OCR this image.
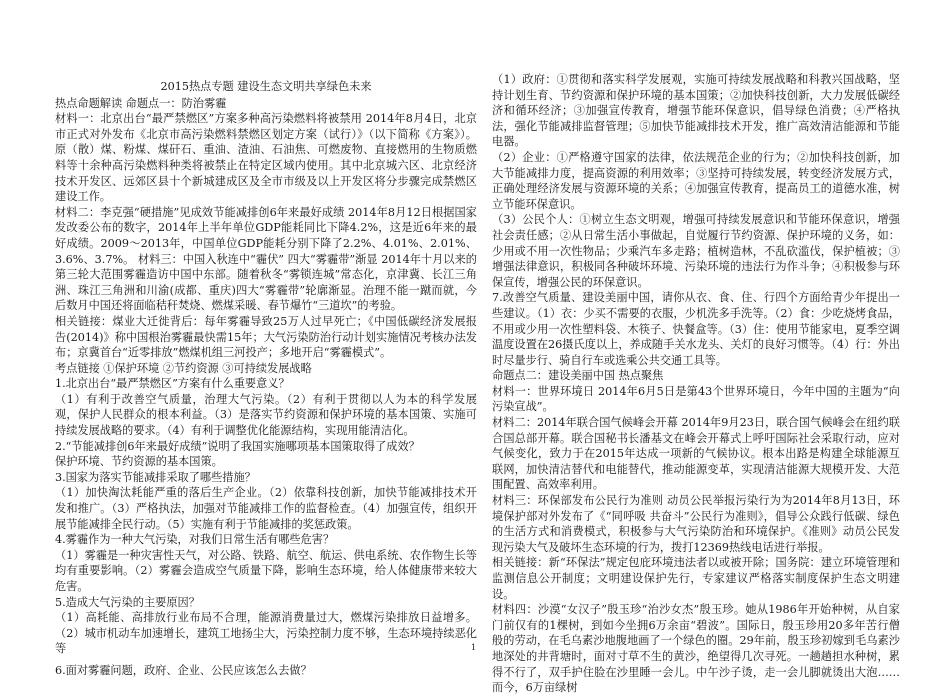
2015热点专题 建设生态文明共享绿色未来

热点命题解读 命题点一：防治雾霾

材料一：北京出台“最严禁燃区”方案多种高污染燃料将被禁用 2014年8月4日，北京市正式对外发布《北京市高污染燃料禁燃区划定方案（试行）》（以下简称《方案》）。原（散）煤、粉煤、煤矸石、重油、渣油、石油焦、可燃废物、直接燃用的生物质燃料等十余种高污染燃料种类将被禁止在特定区域内使用。其中北京城六区、北京经济技术开发区、远郊区县十个新城建成区及全市市级及以上开发区将分步骤完成禁燃区建设工作。

材料二：李克强“硬措施”见成效节能减排创6年来最好成绩 2014年8月12日根据国家发改委公布的数字，2014年上半年单位GDP能耗同比下降4.2%，这是近6年来的最好成绩。2009～2013年，中国单位GDP能耗分别下降了2.2%、4.01%、2.01%、3.6%、3.7%。 材料三：中国入秋连中“霾伏” 四大“雾霾带”渐显 2014年十月以来的第三轮大范围雾霾造访中国中东部。随着秋冬“雾锁连城”常态化，京津冀、长江三角洲、珠江三角洲和川渝(成都、重庆)四大“雾霾带”轮廓渐显。治理不能一蹴而就，今后数月中国还将面临秸秆焚烧、燃煤采暖、春节爆竹“三道坎”的考验。

相关链接：煤业大迁徙背后：每年雾霾导致25万人过早死亡；《中国低碳经济发展报告(2014)》称中国根治雾霾最快需15年；大气污染防治行动计划实施情况考核办法发布；京冀首台“近零排放”燃煤机组三河投产；多地开启“雾霾模式”。

考点链接 ①保护环境 ②节约资源 ③可持续发展战略

1.北京出台“最严禁燃区”方案有什么重要意义？

（1）有利于改善空气质量，治理大气污染。（2）有利于贯彻以人为本的科学发展观，保护人民群众的根本利益。（3）是落实节约资源和保护环境的基本国策、实施可持续发展战略的要求。（4）有利于调整优化能源结构，实现用能清洁化。

2.“节能减排创6年来最好成绩”说明了我国实施哪项基本国策取得了成效？

保护环境、节约资源的基本国策。

3.国家为落实节能减排采取了哪些措施？

（1）加快淘汰耗能严重的落后生产企业。（2）依靠科技创新，加快节能减排技术开发和推广。（3）严格执法，加强对节能减排工作的监督检查。（4）加强宣传，组织开展节能减排全民行动。（5）实施有利于节能减排的奖惩政策。

4.雾霾作为一种大气污染，对我们日常生活有哪些危害？

（1）雾霾是一种灾害性天气，对公路、铁路、航空、航运、供电系统、农作物生长等均有重要影响。（2）雾霾会造成空气质量下降，影响生态环境，给人体健康带来较大危害。

5.造成大气污染的主要原因？

（1）高耗能、高排放行业布局不合理，能源消费量过大，燃煤污染排放日益增多。（2）城市机动车加速增长，建筑工地扬尘大，污染控制力度不够，生态环境持续恶化等

6.面对雾霾问题，政府、企业、公民应该怎么去做？

（1）政府：①贯彻和落实科学发展观，实施可持续发展战略和科教兴国战略，坚持计划生育、节约资源和保护环境的基本国策；②加快科技创新，大力发展低碳经济和循环经济；③加强宣传教育，增强节能环保意识，倡导绿色消费；④严格执法，强化节能减排监督管理；⑤加快节能减排技术开发，推广高效清洁能源和节能电器。

（2）企业：①严格遵守国家的法律，依法规范企业的行为；②加快科技创新，加大节能减排力度，提高资源的利用效率；③坚持可持续发展，转变经济发展方式，正确处理经济发展与资源环境的关系；④加强宣传教育，提高员工的道德水准，树立节能环保意识。

（3）公民个人：①树立生态文明观，增强可持续发展意识和节能环保意识，增强社会责任感；②从日常生活小事做起，自觉履行节约资源、保护环境的义务，如：少用或不用一次性物品；少乘汽车多走路；植树造林，不乱砍滥伐，保护植被；③增强法律意识，积极同各种破坏环境、污染环境的违法行为作斗争；④积极参与环保宣传，增强公民的环保意识。

7.改善空气质量、建设美丽中国，请你从衣、食、住、行四个方面给青少年提出一些建议。（1）衣：少买不需要的衣服，少机洗多手洗等。（2）食：少吃烧烤食品，不用或少用一次性塑料袋、木筷子、快餐盒等。（3）住：使用节能家电，夏季空调温度设置在26摄氏度以上，养成随手关水龙头、关灯的良好习惯等。（4）行：外出时尽量步行、骑自行车或选乘公共交通工具等。

命题点二：建设美丽中国 热点聚焦

材料一：世界环境日 2014年6月5日是第43个世界环境日，今年中国的主题为“向污染宣战”。

材料二：2014年联合国气候峰会开幕 2014年9月23日，联合国气候峰会在纽约联合国总部开幕。联合国秘书长潘基文在峰会开幕式上呼吁国际社会采取行动，应对气候变化，致力于在2015年达成一项新的气候协议。根本出路是构建全球能源互联网，加快清洁替代和电能替代，推动能源变革，实现清洁能源大规模开发、大范围配置、高效率利用。

材料三：环保部发布公民行为准则 动员公民举报污染行为为2014年8月13日，环境保护部对外发布了《“同呼吸 共奋斗”公民行为准则》，倡导公众践行低碳、绿色的生活方式和消费模式，积极参与大气污染防治和环境保护。《准则》动员公民发现污染大气及破坏生态环境的行为，拨打12369热线电话进行举报。

相关链接：新“环保法”规定包庇环境违法者以或被开除；国务院：建立环境管理和监测信息公开制度；文明建设保护先行，专家建议严格落实制度保护生态文明建设。

材料四：沙漠“女汉子”殷玉珍“治沙女杰”殷玉珍。她从1986年开始种树，从自家门前仅有的1棵树，到如今坐拥6万余亩“碧波”。国际日，殷玉珍用20多年苦行僧般的劳动，在毛乌素沙地腹地画了一个绿色的圈。29年前，殷玉珍初嫁到毛乌素沙地深处的井背塘时，面对寸草不生的黄沙，绝望得几次寻死。一趟趟担水种树，累得不行了，双手护住脸在沙里睡一会儿。中午沙子烫，走一会儿脚就烫出大泡……而今，6万亩绿树

1
